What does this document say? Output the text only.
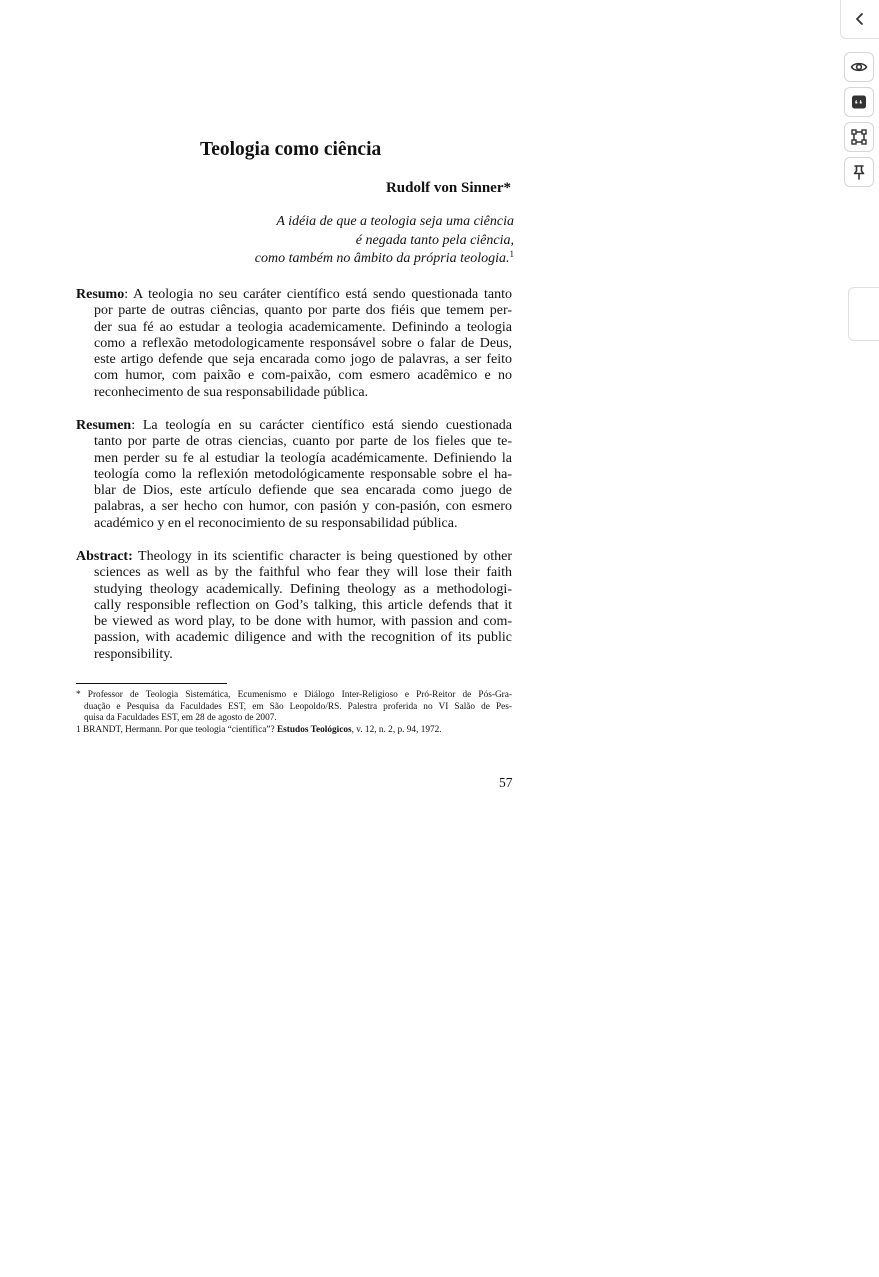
Teologia como ciência
Rudolf von Sinner*
A idéia de que a teologia seja uma ciência
é negada tanto pela ciência,
como também no âmbito da própria teologia.$^1$
Resumo: A teologia no seu caráter científico está sendo questionada tanto
por parte de outras ciências, quanto por parte dos fiéis que temem per-
der sua fé ao estudar a teologia academicamente. Definindo a teologia
como a reflexão metodologicamente responsável sobre o falar de Deus,
este artigo defende que seja encarada como jogo de palavras, a ser feito
com humor, com paixão e com-paixão, com esmero acadêmico e no
reconhecimento de sua responsabilidade pública.
Resumen: La teología en su carácter científico está siendo cuestionada
tanto por parte de otras ciencias, cuanto por parte de los fieles que te-
men perder su fe al estudiar la teología académicamente. Definiendo la
teología como la reflexión metodológicamente responsable sobre el ha-
blar de Dios, este artículo defiende que sea encarada como juego de
palabras, a ser hecho con humor, con pasión y con-pasión, con esmero
académico y en el reconocimiento de su responsabilidad pública.
Abstract: Theology in its scientific character is being questioned by other
sciences as well as by the faithful who fear they will lose their faith
studying theology academically. Defining theology as a methodologi-
cally responsible reflection on God’s talking, this article defends that it
be viewed as word play, to be done with humor, with passion and com-
passion, with academic diligence and with the recognition of its public
responsibility.
* Professor de Teologia Sistemática, Ecumenismo e Diálogo Inter-Religioso e Pró-Reitor de Pós-Gra-
duação e Pesquisa da Faculdades EST, em São Leopoldo/RS. Palestra proferida no VI Salão de Pes-
quisa da Faculdades EST, em 28 de agosto de 2007.
1 BRANDT, Hermann. Por que teologia “científica”? Estudos Teológicos, v. 12, n. 2, p. 94, 1972.
57
